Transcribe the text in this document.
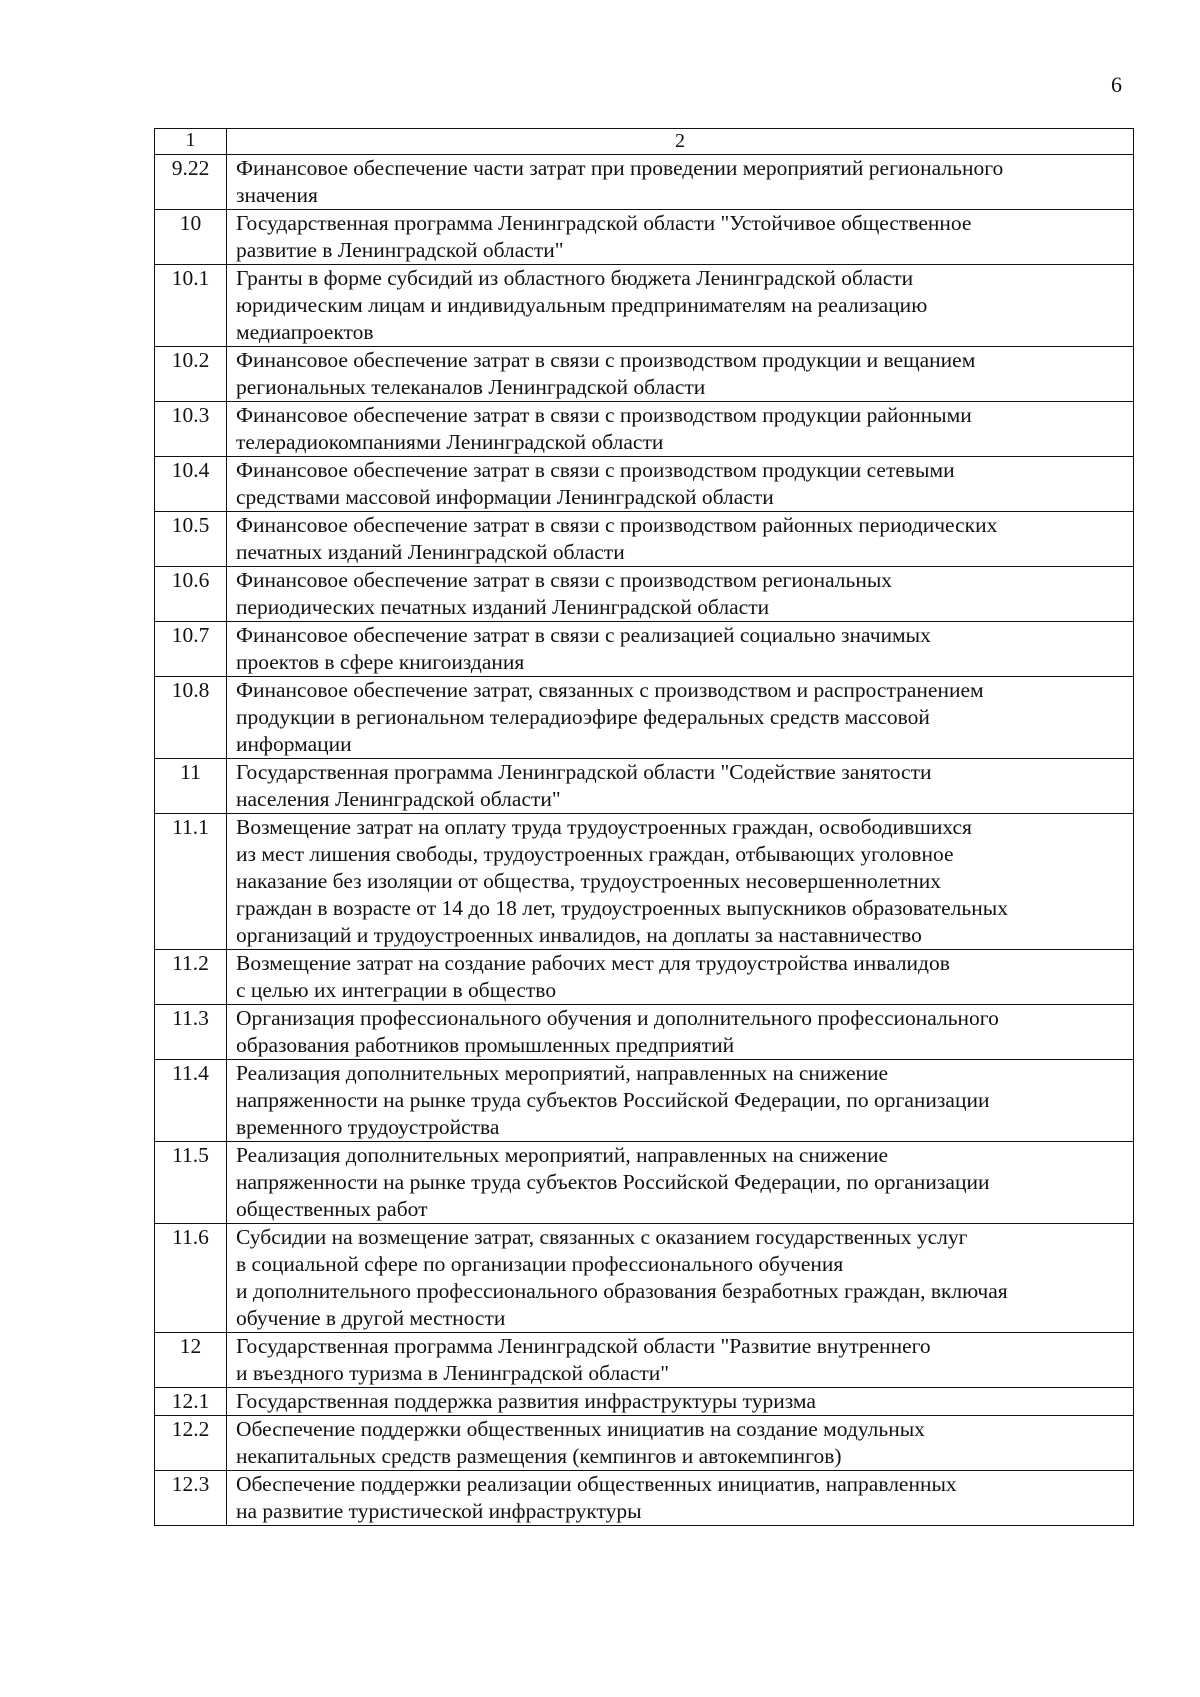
6
1	2
9.22	Финансовое обеспечение части затрат при проведении мероприятий регионального
значения

10	Государственная программа Ленинградской области "Устойчивое общественное
развитие в Ленинградской области"

10.1	Гранты в форме субсидий из областного бюджета Ленинградской области
юридическим лицам и индивидуальным предпринимателям на реализацию
медиапроектов

10.2	Финансовое обеспечение затрат в связи с производством продукции и вещанием
региональных телеканалов Ленинградской области

10.3	Финансовое обеспечение затрат в связи с производством продукции районными
телерадиокомпаниями Ленинградской области

10.4	Финансовое обеспечение затрат в связи с производством продукции сетевыми
средствами массовой информации Ленинградской области

10.5	Финансовое обеспечение затрат в связи с производством районных периодических
печатных изданий Ленинградской области

10.6	Финансовое обеспечение затрат в связи с производством региональных
периодических печатных изданий Ленинградской области

10.7	Финансовое обеспечение затрат в связи с реализацией социально значимых
проектов в сфере книгоиздания

10.8	Финансовое обеспечение затрат, связанных с производством и распространением
продукции в региональном телерадиоэфире федеральных средств массовой
информации

11	Государственная программа Ленинградской области "Содействие занятости
населения Ленинградской области"

11.1	Возмещение затрат на оплату труда трудоустроенных граждан, освободившихся
из мест лишения свободы, трудоустроенных граждан, отбывающих уголовное
наказание без изоляции от общества, трудоустроенных несовершеннолетних
граждан в возрасте от 14 до 18 лет, трудоустроенных выпускников образовательных
организаций и трудоустроенных инвалидов, на доплаты за наставничество

11.2	Возмещение затрат на создание рабочих мест для трудоустройства инвалидов
с целью их интеграции в общество

11.3	Организация профессионального обучения и дополнительного профессионального
образования работников промышленных предприятий

11.4	Реализация дополнительных мероприятий, направленных на снижение
напряженности на рынке труда субъектов Российской Федерации, по организации
временного трудоустройства

11.5	Реализация дополнительных мероприятий, направленных на снижение
напряженности на рынке труда субъектов Российской Федерации, по организации
общественных работ

11.6	Субсидии на возмещение затрат, связанных с оказанием государственных услуг
в социальной сфере по организации профессионального обучения
и дополнительного профессионального образования безработных граждан, включая
обучение в другой местности

12	Государственная программа Ленинградской области "Развитие внутреннего
и въездного туризма в Ленинградской области"

12.1	Государственная поддержка развития инфраструктуры туризма

12.2	Обеспечение поддержки общественных инициатив на создание модульных
некапитальных средств размещения (кемпингов и автокемпингов)

12.3	Обеспечение поддержки реализации общественных инициатив, направленных
на развитие туристической инфраструктуры
